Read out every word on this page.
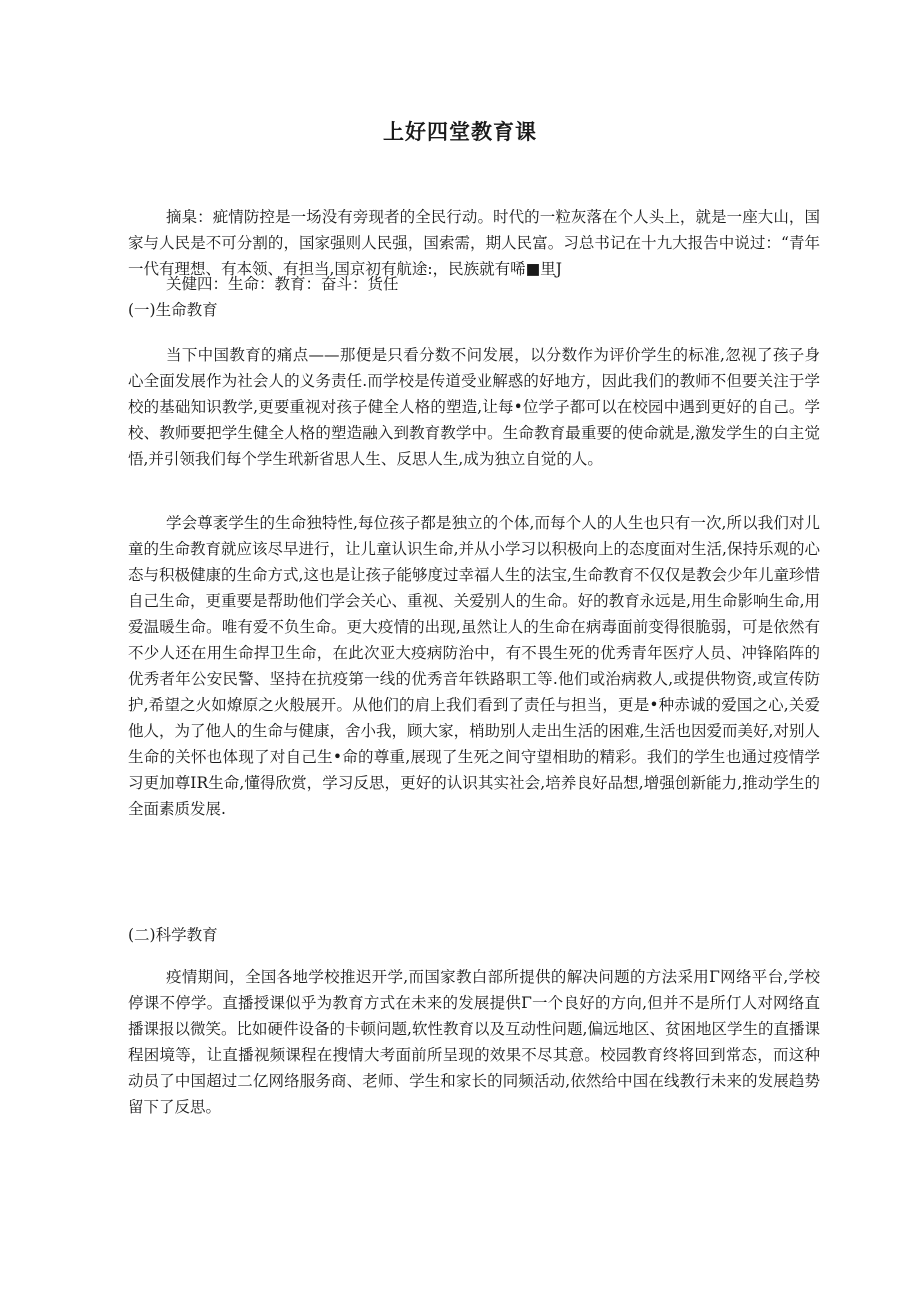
上好四堂教育课

摘臬：疵情防控是一场没有旁现者的全民行动。时代的一粒灰落在个人头上，就是一座大山，国家与人民是不可分割的，国家强则人民强，国索需，期人民富。习总书记在十九大报告中说过：“青年一代有理想、有本领、有担当,国京初有航途:，民族就有唏■里J

关健四：生命：教育：奋斗：货任
(一)生命教育

当下中国教育的痛点——那便是只看分数不问发展，以分数作为评价学生的标准,忽视了孩子身心全面发展作为社会人的义务责任.而学校是传道受业解惑的好地方，因此我们的教师不但要关注于学校的基础知识教学,更要重视对孩子健全人格的塑造,让每•位学子都可以在校园中遇到更好的自己。学校、教师要把学生健全人格的塑造融入到教育教学中。生命教育最重要的使命就是,激发学生的白主觉悟,并引领我们每个学生玳新省思人生、反思人生,成为独立自觉的人。

学会尊袤学生的生命独特性,每位孩子都是独立的个体,而每个人的人生也只有一次,所以我们对儿童的生命教育就应该尽早进行，让儿童认识生命,并从小学习以积极向上的态度面对生活,保持乐观的心态与积极健康的生命方式,这也是让孩子能够度过幸福人生的法宝,生命教育不仅仅是教会少年儿童珍惜自己生命，更重要是帮助他们学会关心、重视、关爱别人的生命。好的教育永远是,用生命影响生命,用爱温暖生命。唯有爱不负生命。更大疫情的出现,虽然让人的生命在病毒面前变得很脆弱，可是依然有不少人还在用生命捍卫生命，在此次亚大疫病防治中，有不畏生死的优秀青年医疗人员、冲锋陷阵的优秀者年公安民警、坚持在抗疫第一线的优秀音年铁路职工等.他们或治病救人,或提供物资,或宣传防护,希望之火如燎原之火般展开。从他们的肩上我们看到了责任与担当，更是•种赤诚的爱国之心,关爱他人，为了他人的生命与健康，舍小我，顾大家，梢助别人走出生活的困难,生活也因爱而美好,对别人生命的关怀也体现了对自己生•命的尊重,展现了生死之间守望相助的精彩。我们的学生也通过疫情学习更加尊ⅠR生命,懂得欣赏，学习反思，更好的认识其实社会,培养良好品想,增强创新能力,推动学生的全面素质发展.

(二)科学教育

疫情期间，全国各地学校推迟开学,而国家教白部所提供的解决问题的方法采用Γ网络平台,学校停课不停学。直播授课似乎为教育方式在未来的发展提供Γ一个良好的方向,但并不是所仃人对网络直播课报以微笑。比如硬件设备的卡顿问题,软性教育以及互动性问题,偏远地区、贫困地区学生的直播课程困境等，让直播视频课程在搜情大考面前所呈现的效果不尽其意。校园教育终将回到常态，而这种动员了中国超过二亿网络服务商、老师、学生和家长的同频活动,依然给中国在线教行未来的发展趋势留下了反思。
